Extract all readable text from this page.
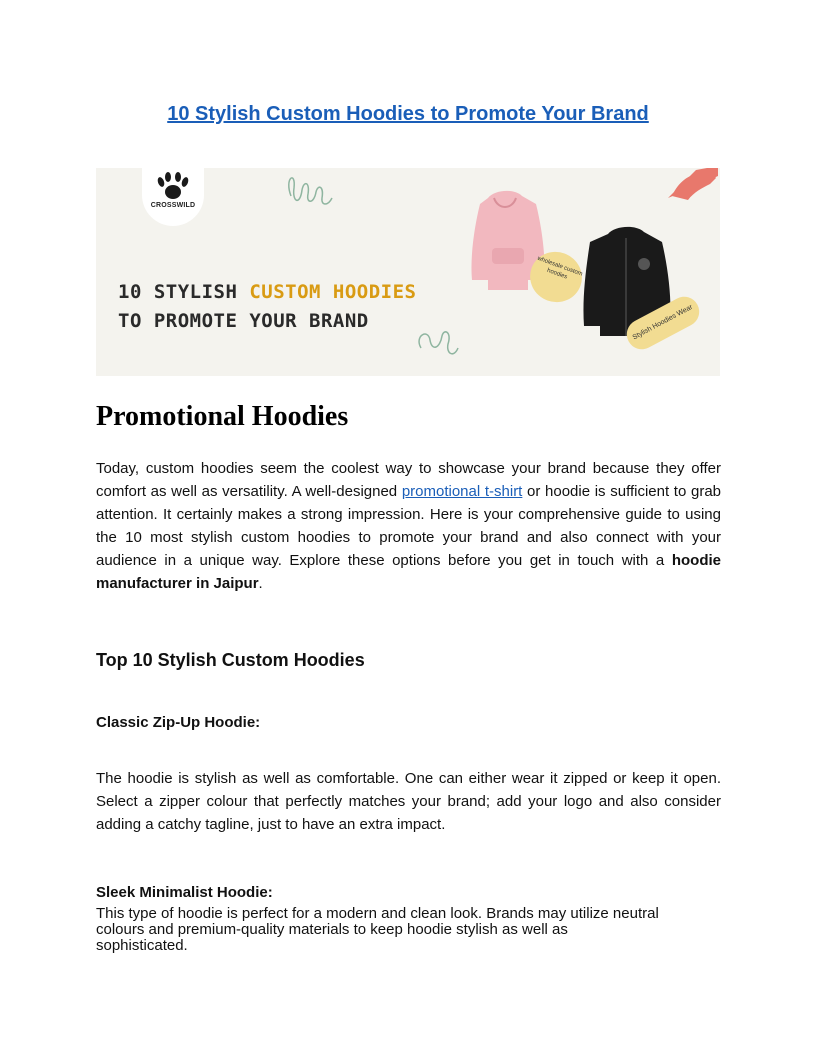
10 Stylish Custom Hoodies to Promote Your Brand
CROSSWILD
10 STYLISH CUSTOM HOODIES
TO PROMOTE YOUR BRAND
wholesale custom hoodies
Stylish Hoodies Wear
Promotional Hoodies
Today, custom hoodies seem the coolest way to showcase your brand because they offer comfort as well as versatility. A well-designed promotional t-shirt or hoodie is sufficient to grab attention. It certainly makes a strong impression. Here is your comprehensive guide to using the 10 most stylish custom hoodies to promote your brand and also connect with your audience in a unique way. Explore these options before you get in touch with a hoodie manufacturer in Jaipur.
Top 10 Stylish Custom Hoodies
Classic Zip-Up Hoodie:
The hoodie is stylish as well as comfortable. One can either wear it zipped or keep it open. Select a zipper colour that perfectly matches your brand; add your logo and also consider adding a catchy tagline, just to have an extra impact.
Sleek Minimalist Hoodie:
This type of hoodie is perfect for a modern and clean look. Brands may utilize neutral
colours and premium-quality materials to keep hoodie stylish as well as
sophisticated.
